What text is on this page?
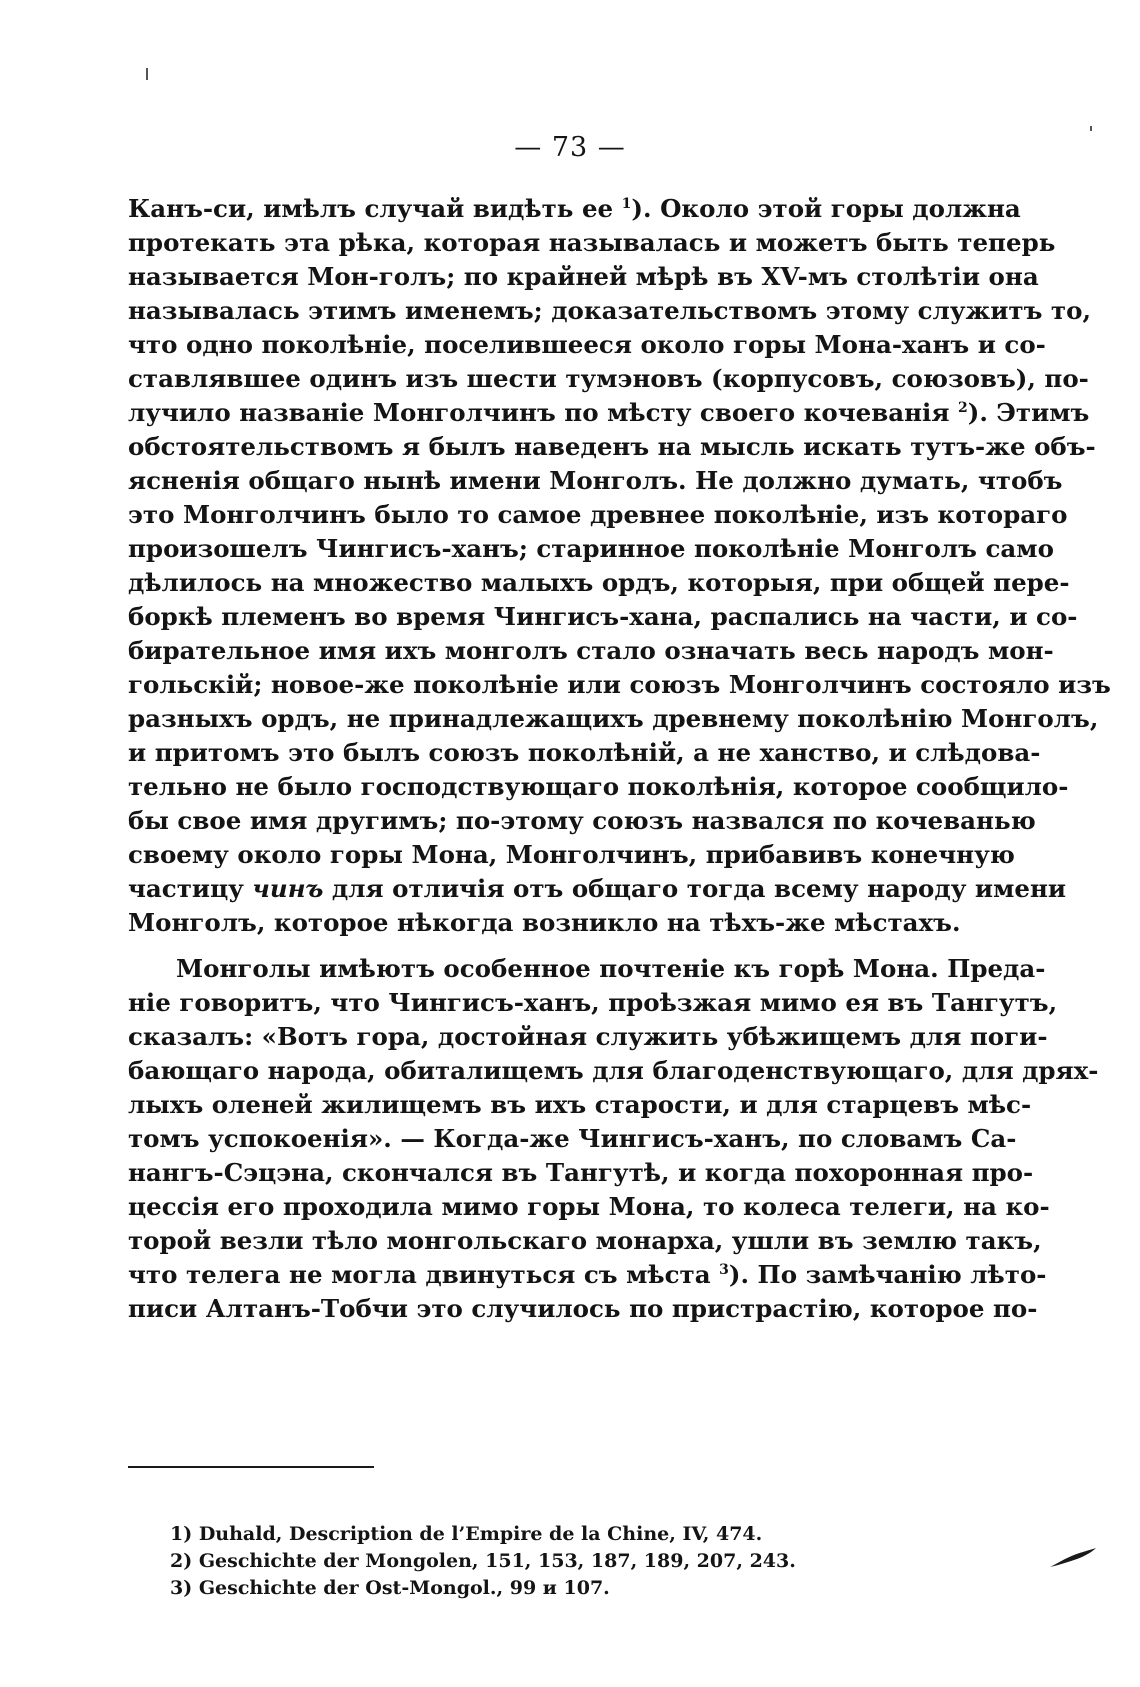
— 73 —
Канъ-си, имѣлъ случай видѣть ее $^1$). Около этой горы должна
протекать эта рѣка, которая называлась и можетъ быть теперь
называется Мон-голъ; по крайней мѣрѣ въ XV-мъ столѣтіи она
называлась этимъ именемъ; доказательствомъ этому служитъ то,
что одно поколѣніе, поселившееся около горы Мона-ханъ и со-
ставлявшее одинъ изъ шести тумэновъ (корпусовъ, союзовъ), по-
лучило названіе Монголчинъ по мѣсту своего кочеванія $^2$). Этимъ
обстоятельствомъ я былъ наведенъ на мысль искать тутъ-же объ-
ясненія общаго нынѣ имени Монголъ. Не должно думать, чтобъ
это Монголчинъ было то самое древнее поколѣніе, изъ котораго
произошелъ Чингисъ-ханъ; старинное поколѣніе Монголъ само
дѣлилось на множество малыхъ ордъ, которыя, при общей пере-
боркѣ племенъ во время Чингисъ-хана, распались на части, и со-
бирательное имя ихъ монголъ стало означать весь народъ мон-
гольскій; новое-же поколѣніе или союзъ Монголчинъ состояло изъ
разныхъ ордъ, не принадлежащихъ древнему поколѣнію Монголъ,
и притомъ это былъ союзъ поколѣній, а не ханство, и слѣдова-
тельно не было господствующаго поколѣнія, которое сообщило-
бы свое имя другимъ; по-этому союзъ назвался по кочеванью
своему около горы Мона, Монголчинъ, прибавивъ конечную
частицу чинъ для отличія отъ общаго тогда всему народу имени
Монголъ, которое нѣкогда возникло на тѣхъ-же мѣстахъ.
Монголы имѣютъ особенное почтеніе къ горѣ Мона. Преда-
ніе говоритъ, что Чингисъ-ханъ, проѣзжая мимо ея въ Тангутъ,
сказалъ: «Вотъ гора, достойная служить убѣжищемъ для поги-
бающаго народа, обиталищемъ для благоденствующаго, для дрях-
лыхъ оленей жилищемъ въ ихъ старости, и для старцевъ мѣс-
томъ успокоенія». — Когда-же Чингисъ-ханъ, по словамъ Са-
нангъ-Сэцэна, скончался въ Тангутѣ, и когда похоронная про-
цессія его проходила мимо горы Мона, то колеса телеги, на ко-
торой везли тѣло монгольскаго монарха, ушли въ землю такъ,
что телега не могла двинуться съ мѣста $^3$). По замѣчанію лѣто-
писи Алтанъ-Тобчи это случилось по пристрастію, которое по-
1) Duhald, Description de l’Empire de la Chine, IV, 474.
2) Geschichte der Mongolen, 151, 153, 187, 189, 207, 243.
3) Geschichte der Ost-Mongol., 99 и 107.
